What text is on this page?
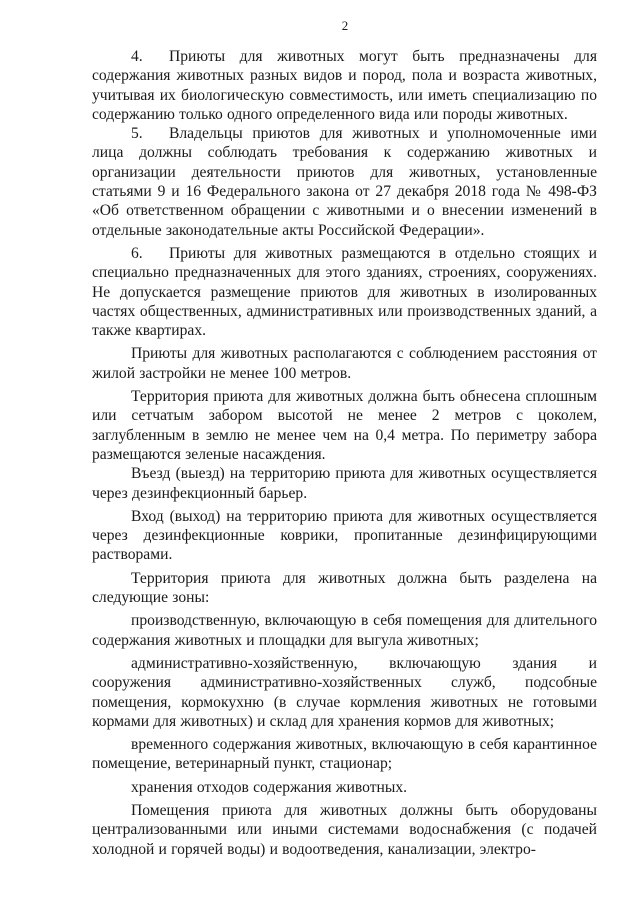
2

4. Приюты для животных могут быть предназначены для содержания животных разных видов и пород, пола и возраста животных, учитывая их биологическую совместимость, или иметь специализацию по содержанию только одного определенного вида или породы животных.

5. Владельцы приютов для животных и уполномоченные ими лица должны соблюдать требования к содержанию животных и организации деятельности приютов для животных, установленные статьями 9 и 16 Федерального закона от 27 декабря 2018 года № 498-ФЗ «Об ответственном обращении с животными и о внесении изменений в отдельные законодательные акты Российской Федерации».

6. Приюты для животных размещаются в отдельно стоящих и специально предназначенных для этого зданиях, строениях, сооружениях. Не допускается размещение приютов для животных в изолированных частях общественных, административных или производственных зданий, а также квартирах.

Приюты для животных располагаются с соблюдением расстояния от жилой застройки не менее 100 метров.

Территория приюта для животных должна быть обнесена сплошным или сетчатым забором высотой не менее 2 метров с цоколем, заглубленным в землю не менее чем на 0,4 метра. По периметру забора размещаются зеленые насаждения.

Въезд (выезд) на территорию приюта для животных осуществляется через дезинфекционный барьер.

Вход (выход) на территорию приюта для животных осуществляется через дезинфекционные коврики, пропитанные дезинфицирующими растворами.

Территория приюта для животных должна быть разделена на следующие зоны:

производственную, включающую в себя помещения для длительного содержания животных и площадки для выгула животных;

административно-хозяйственную, включающую здания и сооружения административно-хозяйственных служб, подсобные помещения, кормокухню (в случае кормления животных не готовыми кормами для животных) и склад для хранения кормов для животных;

временного содержания животных, включающую в себя карантинное помещение, ветеринарный пункт, стационар;

хранения отходов содержания животных.

Помещения приюта для животных должны быть оборудованы централизованными или иными системами водоснабжения (с подачей холодной и горячей воды) и водоотведения, канализации, электро-
